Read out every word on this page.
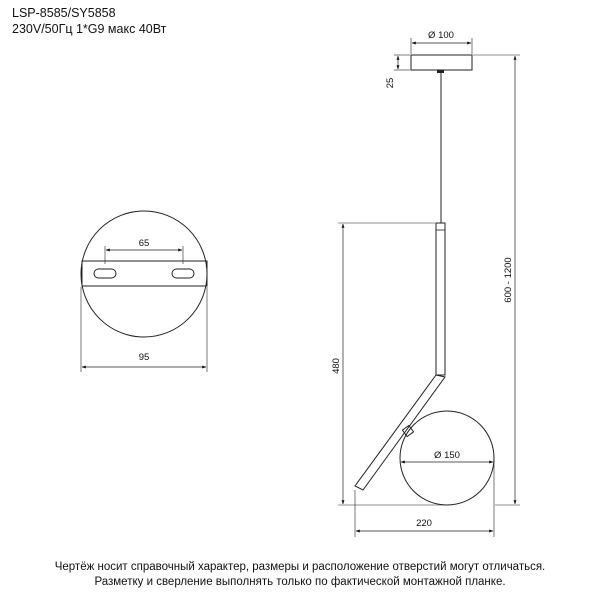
LSP-8585/SY5858
230V/50Гц 1*G9 макс 40Вт
65
95
Ø 100
25
Ø 150
600 - 1200
480
220
Чертёж носит справочный характер, размеры и расположение отверстий могут отличаться.
Разметку и сверление выполнять только по фактической монтажной планке.
